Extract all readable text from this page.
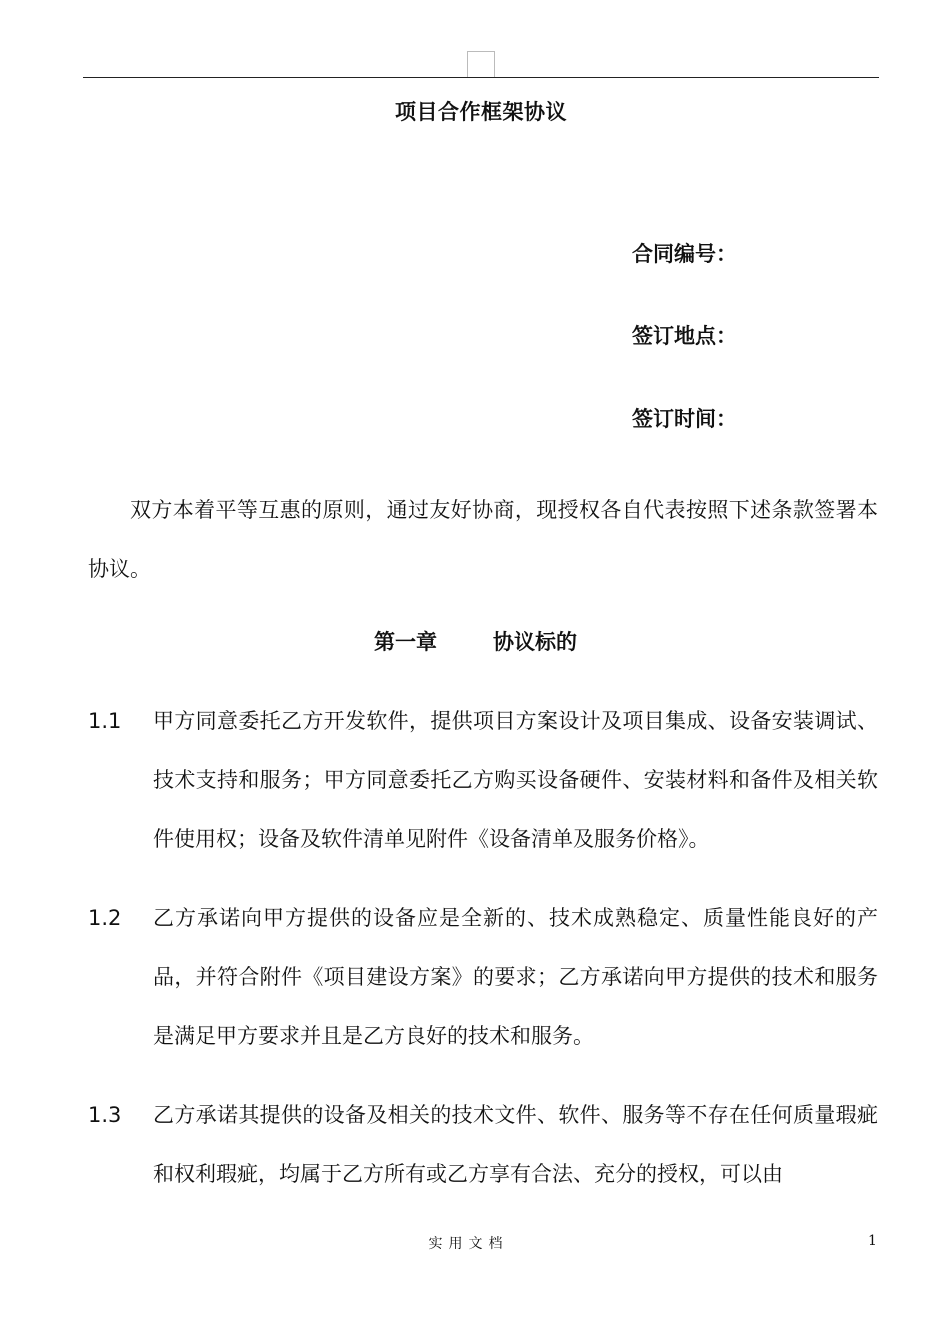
项目合作框架协议
合同编号：
签订地点：
签订时间：
双方本着平等互惠的原则，通过友好协商，现授权各自代表按照下述条款签署本协议。
第一章	协议标的
1.1	甲方同意委托乙方开发软件，提供项目方案设计及项目集成、设备安装调试、技术支持和服务；甲方同意委托乙方购买设备硬件、安装材料和备件及相关软件使用权；设备及软件清单见附件《设备清单及服务价格》。
1.2	乙方承诺向甲方提供的设备应是全新的、技术成熟稳定、质量性能良好的产品，并符合附件《项目建设方案》的要求；乙方承诺向甲方提供的技术和服务是满足甲方要求并且是乙方良好的技术和服务。
1.3	乙方承诺其提供的设备及相关的技术文件、软件、服务等不存在任何质量瑕疵和权利瑕疵，均属于乙方所有或乙方享有合法、充分的授权，可以由
实用文档	1
